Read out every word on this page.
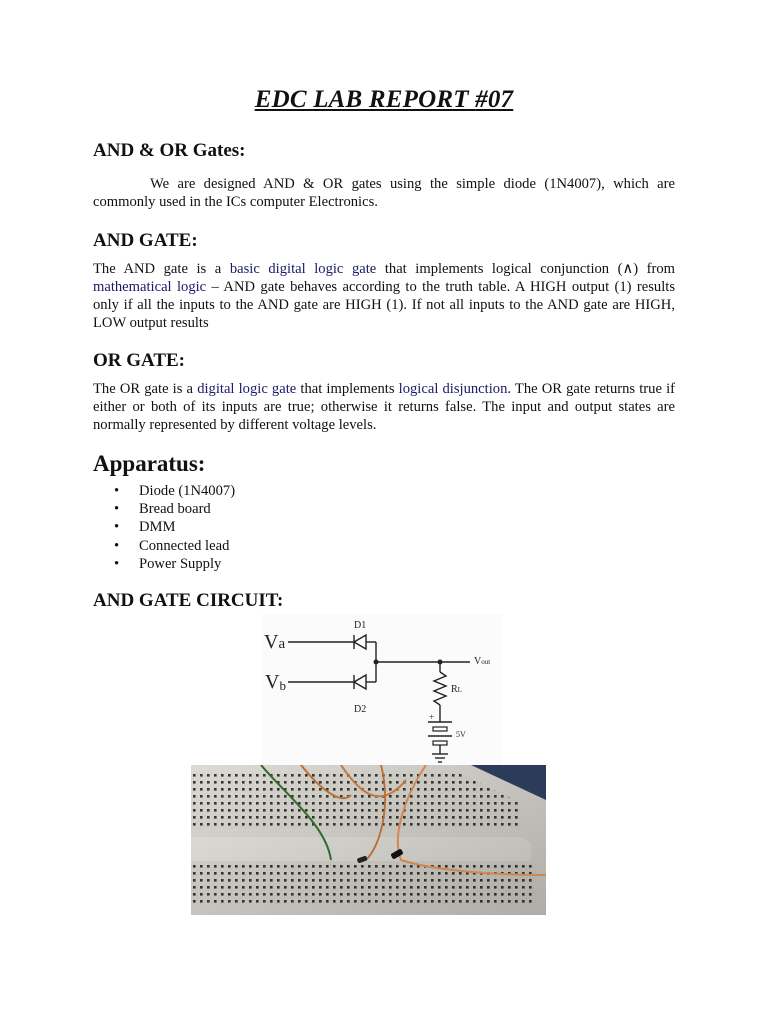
EDC LAB REPORT #07
AND & OR Gates:

We are designed AND & OR gates using the simple diode (1N4007), which are commonly used in the ICs computer Electronics.

AND GATE:

The AND gate is a basic digital logic gate that implements logical conjunction (∧) from mathematical logic – AND gate behaves according to the truth table. A HIGH output (1) results only if all the inputs to the AND gate are HIGH (1). If not all inputs to the AND gate are HIGH, LOW output results

OR GATE:

The OR gate is a digital logic gate that implements logical disjunction. The OR gate returns true if either or both of its inputs are true; otherwise it returns false. The input and output states are normally represented by different voltage levels.

Apparatus:
• Diode (1N4007)
• Bread board
• DMM
• Connected lead
• Power Supply
AND GATE CIRCUIT:
Va
Vb
D1
D2
Vout
RL
+
5V
